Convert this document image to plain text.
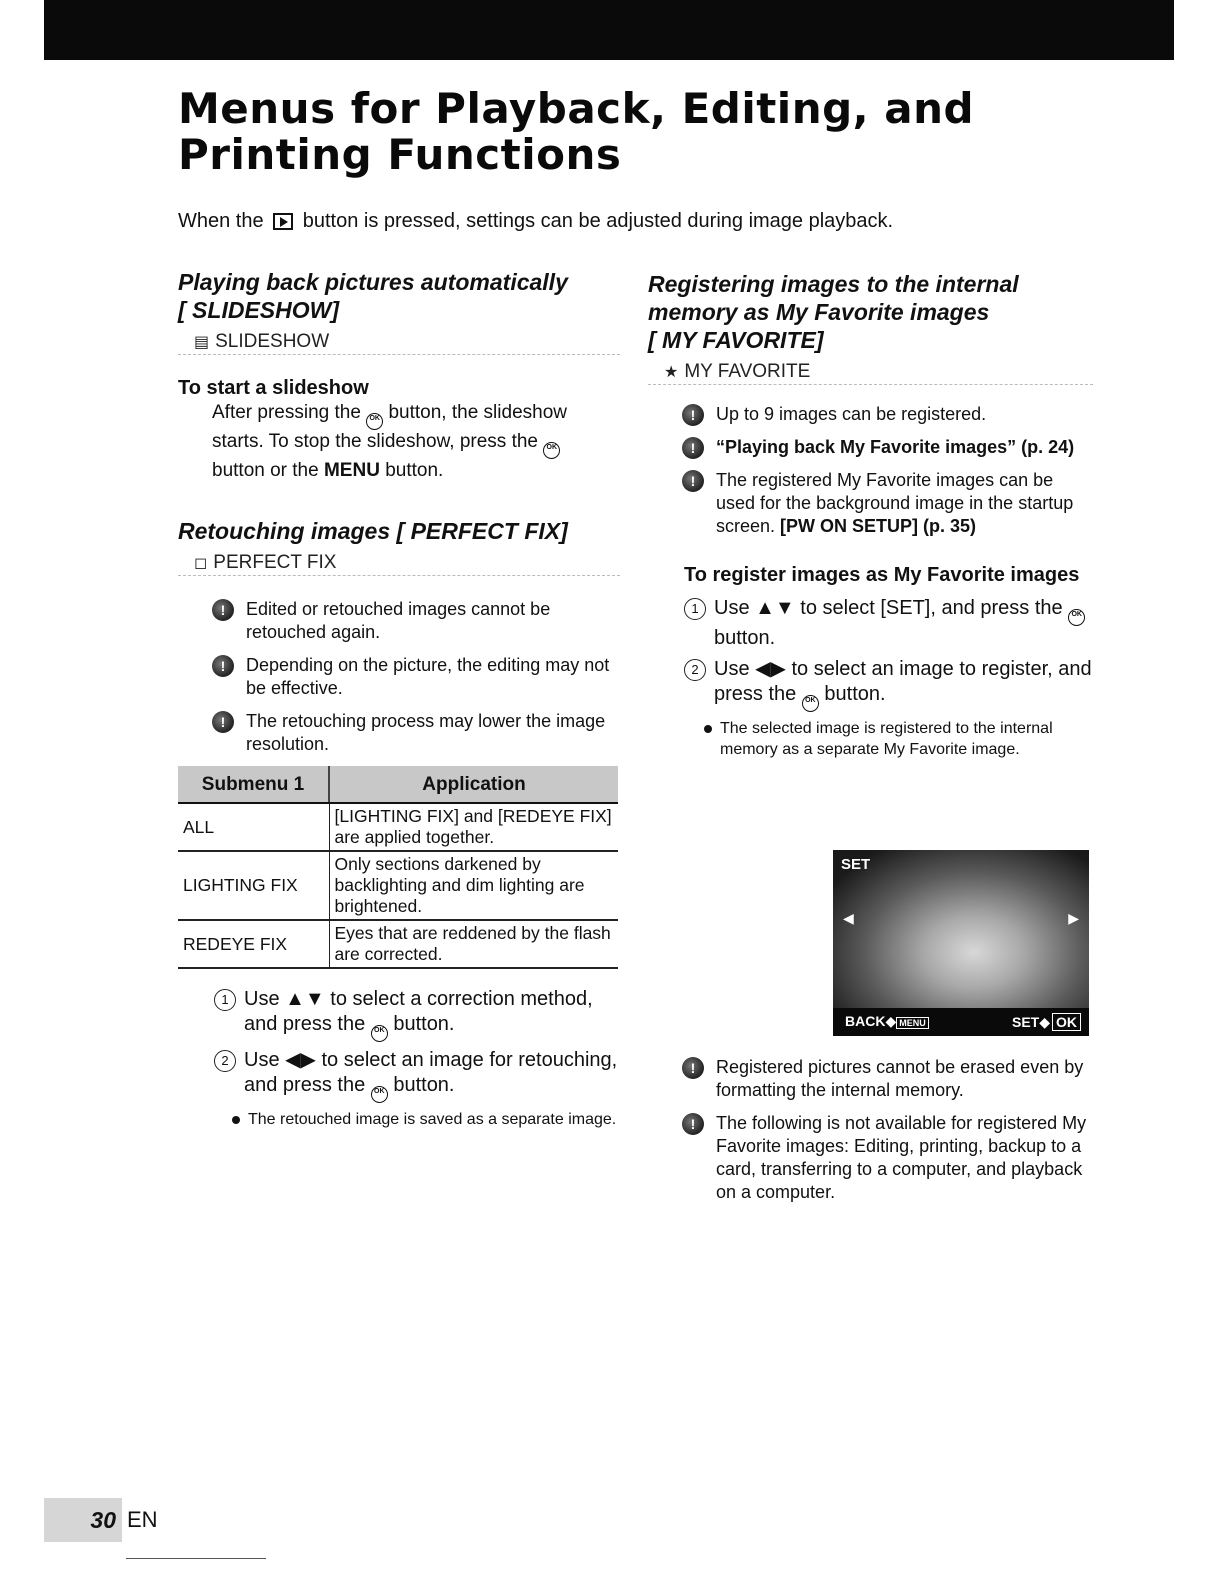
Menus for Playback, Editing, and
Printing Functions
When the button is pressed, settings can be adjusted during image playback.
Playing back pictures automatically
[ SLIDESHOW]
▤ SLIDESHOW
To start a slideshow
After pressing the OK button, the slideshow starts. To stop the slideshow, press the OK
button or the MENU button.
Retouching images [ PERFECT FIX]
◻ PERFECT FIX
!	Edited or retouched images cannot be retouched again.
!	Depending on the picture, the editing may not be effective.
!	The retouching process may lower the image resolution.
Submenu 1	Application
ALL	[LIGHTING FIX] and [REDEYE FIX] are applied together.
LIGHTING FIX	Only sections darkened by backlighting and dim lighting are brightened.
REDEYE FIX	Eyes that are reddened by the flash are corrected.
1 Use ▲▼ to select a correction method, and press the OK button.
2 Use ◀▶ to select an image for retouching, and press the OK button.
The retouched image is saved as a separate image.
Registering images to the internal
memory as My Favorite images
[ MY FAVORITE]
★ MY FAVORITE
!	Up to 9 images can be registered.
!	“Playing back My Favorite images” (p. 24)
!	The registered My Favorite images can be used for the background image in the startup screen. [PW ON SETUP] (p. 35)
To register images as My Favorite images
1 Use ▲▼ to select [SET], and press the OK button.
2 Use ◀▶ to select an image to register, and press the OK button.
The selected image is registered to the internal memory as a separate My Favorite image.
SET
◀	▶
BACK◆ MENU	SET◆ OK
!	Registered pictures cannot be erased even by formatting the internal memory.
!	The following is not available for registered My Favorite images: Editing, printing, backup to a card, transferring to a computer, and playback on a computer.
30 EN
